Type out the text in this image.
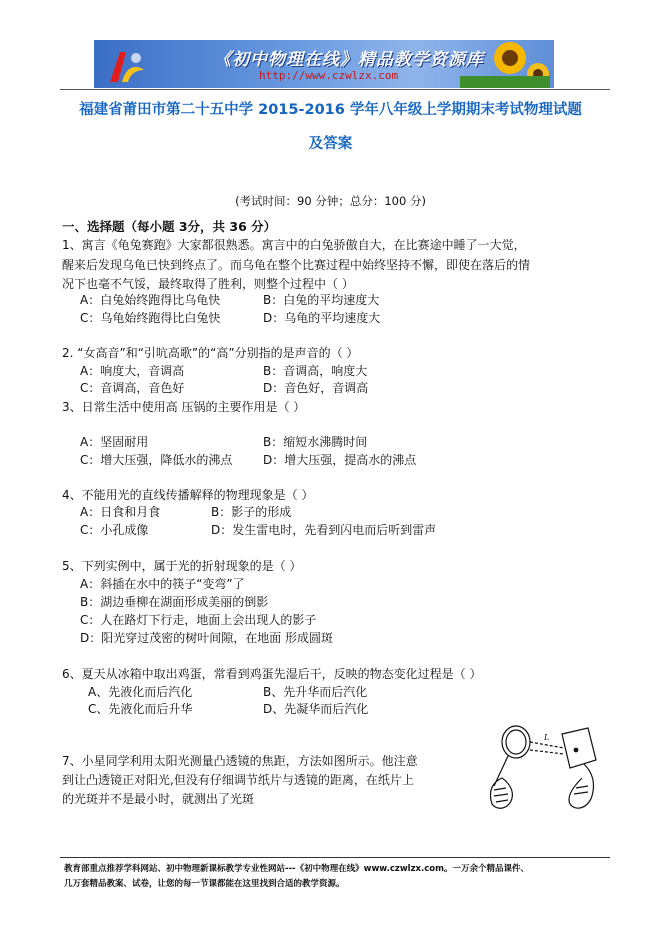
《初中物理在线》精品教学资源库
http://www.czwlzx.com
福建省莆田市第二十五中学 2015-2016 学年八年级上学期期末考试物理试题
及答案
(考试时间：90 分钟；总分：100 分)
一、选择题（每小题 3分，共 36 分）
1、寓言《龟兔赛跑》大家都很熟悉。寓言中的白兔骄傲自大，在比赛途中睡了一大觉，
醒来后发现乌龟已快到终点了。而乌龟在整个比赛过程中始终坚持不懈，即使在落后的情
况下也毫不气馁，最终取得了胜利，则整个过程中（ ）
A：白兔始终跑得比乌龟快	B：白兔的平均速度大
C：乌龟始终跑得比白兔快	D：乌龟的平均速度大
2. “女高音”和“引吭高歌”的“高”分别指的是声音的（ ）
A：响度大，音调高	B：音调高，响度大
C：音调高，音色好	D：音色好，音调高
3、日常生活中使用高 压锅的主要作用是（ ）
A：坚固耐用	B：缩短水沸腾时间
C：增大压强，降低水的沸点	D：增大压强，提高水的沸点
4、不能用光的直线传播解释的物理现象是（ ）
A：日食和月食	B：影子的形成
C：小孔成像	D：发生雷电时，先看到闪电而后听到雷声
5、下列实例中，属于光的折射现象的是（ ）
A：斜插在水中的筷子“变弯”了
B：湖边垂柳在湖面形成美丽的倒影
C：人在路灯下行走，地面上会出现人的影子
D：阳光穿过茂密的树叶间隙，在地面 形成圆斑
6、夏天从冰箱中取出鸡蛋，常看到鸡蛋先湿后干，反映的物态变化过程是（ ）
A、先液化而后汽化	B、先升华而后汽化
C、先液化而后升华	D、先凝华而后汽化
7、小星同学利用太阳光测量凸透镜的焦距，方法如图所示。他注意
到让凸透镜正对阳光,但没有仔细调节纸片与透镜的距离，在纸片上
的光斑并不是最小时，就测出了光斑
L
教育部重点推荐学科网站、初中物理新课标教学专业性网站---《初中物理在线》www.czwlzx.com。一万余个精品课件、
几万套精品教案、试卷，让您的每一节课都能在这里找到合适的教学资源。
